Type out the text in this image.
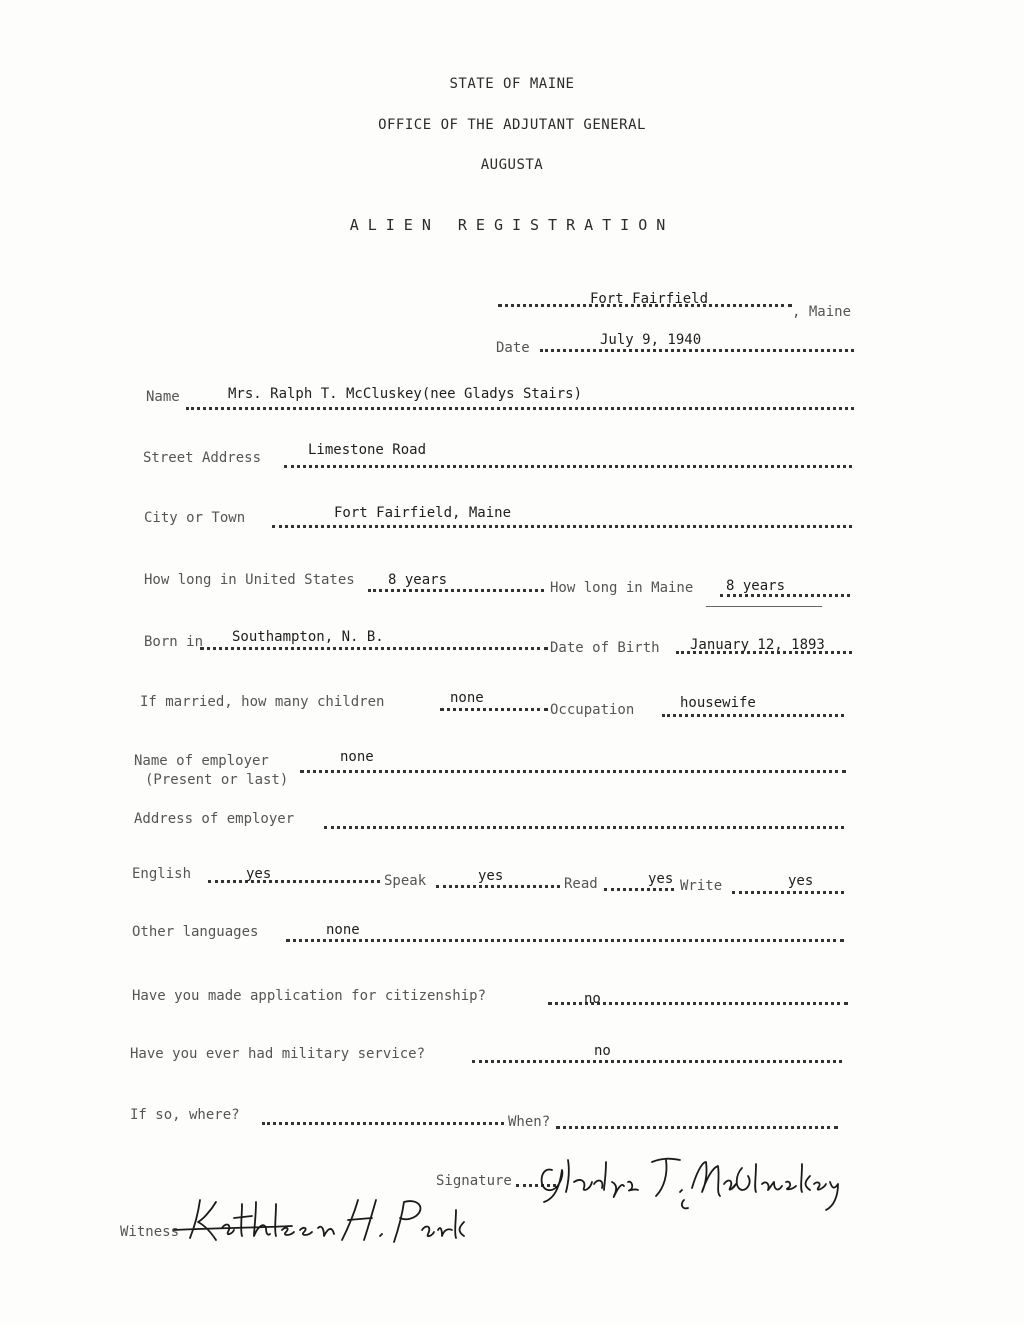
STATE OF MAINE
OFFICE OF THE ADJUTANT GENERAL
AUGUSTA
ALIEN REGISTRATION
Fort Fairfield
, Maine
Date	July 9, 1940
Name	Mrs. Ralph T. McCluskey(nee Gladys Stairs)
Street Address	Limestone Road
City or Town	Fort Fairfield, Maine
How long in United States 8 years	How long in Maine 8 years
Born in Southampton, N. B.
Date of Birth January 12, 1893
If married, how many children	none
Occupation	housewife
Name of employer
(Present or last)
none
Address of employer
English	yes	Speak	yes	Read	yes Write	yes
Other languages	none
Have you made application for citizenship?	no
Have you ever had military service?	no
If so, where?	When?
Signature
Witness
